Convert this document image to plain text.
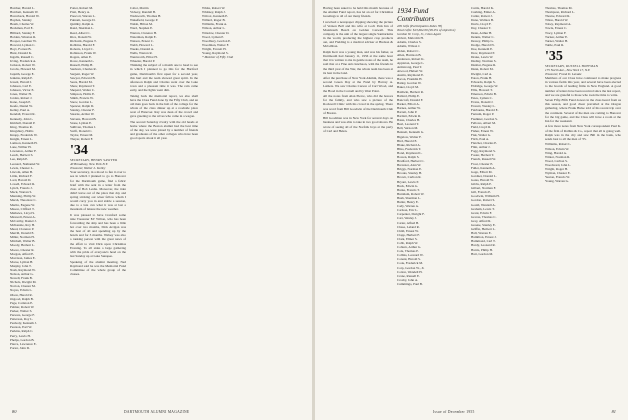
Hatcher, Harold L.
Hatchett, Kenneth W.
Haverbeck, Harold W.
Hayden, Stanley
Heath, Charles W.
Heckman, Earl E.
Hilliard, Stanley F.
Holden, Winston R.
Hooper, Gardner W.
Howard, Lyman C.
Hoyt, Forrest B.
Hunt, Donald K.
Ingalls, Russell C.
Irving, Frederick A.
Jackson, Robert W.
Jacobs, Howard M.
Jaquith, George E.
Jenkins, Ralph P.
Jewett, Harold J.
Johnson, Carl E.
Johnson, Victor E.
Jones, Walter H.
Jordan, Robert J.
Kane, Joseph P.
Keefe, Daniel W.
Kelley, Paul A.
Kendall, Everett R.
Kennedy, John L.
Kimball, Donald P.
King, Thomas R.
Kingsbury, Hollis
Knapp, Frederick W.
Knight, Ernest L.
Lamson, Kenneth H.
Lane, Wilbur H.
Lawrence, Arthur F.
Leach, Herbert S.
Lee, Ralph E.
Leonard, Nathaniel W.
Lewis, Chester L.
Lincoln, Allen B.
Little, Richard F.
Lord, Harold D.
Lowell, Edward R.
Lynch, Francis J.
Mack, Warren S.
Manning, Philip W.
Marsh, Theodore C.
Martin, Eugene W.
Mason, Clifford T.
Mathews, Lloyd S.
Maxwell, Ernest A.
McCarthy, Daniel J.
McKenzie, Roy H.
Mead, Clarence P.
Merrill, Donald E.
Miller, Norman H.
Mitchell, Walter B.
Moody, Herbert L.
Moore, Chester R.
Morgan, Alfred E.
Morrison, James E.
Morse, Lyman H.
Murphy, John T.
Nash, Raymond W.
Nelson, Arthur G.
Newell, Frank B.
Nichols, Dwight M.
Norton, Chester M.
Noyes, Edwin L.
Olson, Harold R.
Osgood, Ralph B.
Page, Carleton E.
Palmer, Robert W.
Parker, Walter S.
Parsons, George F.
Patterson, Roy L.
Peabody, Kenneth J.
Pearson, Earl W.
Perkins, Ralph C.
Perry, Lewis H.
Phelps, Gordon B.
Pierce, Lawrence E.
Porter, John D.
Potter, Robert M.
Pratt, Henry A.
Prescott, Warren L.
Putnam, George D.
Quimby, Ralph A.
Rand, Sherman L.
Reed, Albert C.
Rice, Donald W.
Richards, Eugene T.
Robbins, Harold F.
Roberts, Lloyd C.
Robinson, Frank W.
Rogers, Allen E.
Rowe, Kenneth L.
Russell, Philip H.
Sanborn, Charles R.
Sargent, Roger W.
Sawyer, Edward B.
Sears, Harold M.
Shaw, Raymond T.
Shepard, Walter C.
Simpson, Hollis E.
Smith, Francis W.
Snow, Gordon L.
Spencer, Ralph D.
Stanley, Chester F.
Stearns, Arthur W.
Stevens, Howard B.
Stone, Lyman E.
Sullivan, Thomas J.
Swift, Donald C.
Taylor, Ernest M.
Thayer, Robert F.
'34
SECRETARY, HENRY SAWYER
40 Broadway, New York N.Y.
Treasurer, Walter L. Kelley

Your secretary, in a mood to fun it over to see in which I planned to go to Hanover for the Dartmouth game, find a fabric brief with the sent in a letter from the class of Bob Leslie. Moreover, the train didn't leave out of the place that day and spring sticking our wiser fellow whom I would carry you in and stable a session, due to a late ovn what it was at last a mountain of leisure the new weather.

It was pleased to have Cranford some nine Treasurer Ed' Wilton, who has been forwarding the ship and has been a little hot over two months, Dick Arrigan was the best of all and spending up by the hotels and for 3 months. Walsey was also a ranking person with the great news of the affair to visit Dick upon Christmas Evening. To all sides a large gathering with the pride of everyone's head on the last Sunday up at Lake Sunapee.

Speaking of the alumni meeting, Ned Raymond said he was the Memorial Fund Committee of the whole group of the classes.

Cabot, Martin
Vickery, Randall B.
Wadsworth, Thomas H.
Wakefield, George P.
Walsh, Hilton M.
Ward, Stephen E.
Warren, Clarence H.
Waterman, Ralph E.
Watson, Ernest C.
Webb, Howard L.
Weeks, Donald A.
Wells, Warren R.
Wentworth, Elliot H.
Wheeler, Harold P.

Thinking the subject of a month one to head to see in which I planned to go this for the Hartford game, Dartmouth's first upset for a second year, this hurt and the team showed great spirit. In the afternoon Ralph and Charles went over the Lake town and a pleasant time it was. The rain came early, and the lights went dim.

Taking back the memorial report, we also shall have the Class Fund done by the Fifty Club, and an old man goes back in the hub of the college for the whole of the class dinner up at a roadside place west of Hanover. Ray was dean of the crowd and gave greeting to the wives who came in a wagon.

The second Saturday rivalry with the old heads at home where the Boston alumni had the best time of the day, we were joined by a number of friends and graduates of the other colleges who have been good sports about it all year.

White, Robert W.
Whitney, Ralph J.
Wilcox, Kenneth E.
Willard, Roger B.
Williams, Frank A.
Wilson, Arthur L.
Winslow, Chester D.
Wood, Lyman P.
Woodbury, Gordon E.
Woodman, Walter F.
Wright, Everett H.
Young, Raymond S.
* Member of Fifty Club
80	DARTMOUTH ALUMNI MAGAZINE

Having been asked to be held this month because of the Alumni Fund report, has let an ad for Christmas Greetings to all of our many friends.

I received a newspaper clipping showing the picture of Vernon Bell and his wife at Loch Park Inn of Monmouth Beach on Golden Caswell. This company is the unit of the largest single Sanitariums in the world, producing the highest crop products out, and Fielding is a medical adviser at Hudson & McGibbon.

Ralph Kerr was a young man, and was his father, as Dartmouth had January 11, 1956 at the same hour that it is written to me in gentle notes of the team, he said that at a Fine Arts luncheon, with the friends in the third year of the War, the whole team has been at its best in the land.

After the purchase of New York Alumni, there was a second Green Day at the Fund by Harvey A. Luthers. We saw Charles Carson of Carl Wood, and the Hood in the Cornell and by West Point.

All the notes from Alan Pierce, who did the honors for the family, and who saw a picture of the Rockwell Clinic with his crowd in the spring. There was word from Bill Goodwin of the Dartmouth Club of Boston.

Bill Goodman was in New York for several days on business and was able to take in two good shows. He wrote of seeing all of the Norfolk boys at the party of Carl and Helen.

1934 Fund Contributors
209 Gifts (Participation Index 78)
Total Gifts: $13,662.00 (99.9% of objective)
Gordon W. Corp, Jr., Class Agent
Abbott, Malcolm H.
Adams, Charles S.
Adams, Wilson J.
Alden, Robert C.
Allen, Harrison B.
Anderson, Robert K.
Appleton, George L.
Armstrong, Paul T.
Atwood, Hubert W.
Austin, Raymond E.
Bacon, Franklin H.
Bailey, Gordon W.
Baker, Lloyd M.
Baldwin, Herbert R.
Ballard, Philip E.
Bancroft, Donald F.
Barker, Elliott A.
Barnes, Arthur W.
Barrett, John P.
Bartlett, Edwin R.
Bates, Charles H.
Beal, Leonard T.
Bell, Vernon M.
Bennett, Kenneth G.
Bigelow, Walter F.
Bird, Harold E.
Blake, Richard A.
Bliss, Frederick T.
Bond, Raymond L.
Bowen, Ralph S.
Bradford, Herbert C.
Brewster, Alan W.
Briggs, Norman E.
Brooks, Stanley H.
Brown, Carlton R.
Bryant, Lewis P.
Buck, Edwin G.
Burke, Francis T.
Burnham, Robert W.
Bush, Sherman L.
Butler, Henry E.
Cady, Warren A.
Carlson, Eric L.
Carpenter, Dwight F.
Carr, Wesley J.
Carter, Alfred B.
Chase, Leland R.
Child, Ernest W.
Clapp, Herbert F.
Clark, Elmer S.
Cobb, Ralph W.
Coburn, Arthur G.
Cole, Thomas P.
Collins, Leonard W.
Conant, Harold S.
Cook, Frederick M.
Corp, Gordon W., Jr.
Cotton, Wendell H.
Crane, Russell E.
Crosby, John A.
Cummings, Paul B.
Curtis, Harold K.
Cushing, Elmer A.
Cutler, Robert J.
Dana, Wallace B.
Davis, Lloyd F.
Day, Chester T.
Dean, Arthur H.
Dennis, Walter C.
Dewey, Philip G.
Dodge, Harold N.
Doe, Kenneth E.
Dow, Raymond P.
Drake, Lewis W.
Dudley, Norman S.
Dunbar, Eugene R.
Dunn, Robert M.
Dwight, Carl A.
Eaton, Frank H.
Edwards, Ralph S.
Eldridge, George W.
Ellis, Howard T.
Emerson, Edwin B.
Estes, Lyman C.
Evans, Donald J.
Everett, Wesley L.
Fairbanks, Harold E.
Farnum, Roger P.
Faulkner, Gordon S.
Fellows, Albert M.
Field, Lloyd R.
Fisher, Ernest W.
Fisk, Walter G.
Fitch, Paul A.
Fletcher, Charles E.
Flint, Arthur J.
Fogg, Raymond S.
Foster, Herbert T.
French, Russell W.
Frost, Chester E.
Fuller, Kenneth A.
Gage, Elliott M.
Gardner, Donald L.
Gates, Harold W.
Gibbs, Ralph P.
Gilbert, Norman F.
Gill, Francis E.
Goodwin, William H.
Gordon, Robert S.
Gould, Wendell A.
Graham, Lewis T.
Grant, Edwin F.
Graves, Thomas C.
Gray, Alfred R.
Greene, Stanley E.
Griffin, Herbert L.
Hall, Warren E.
Hamilton, Ernest J.
Hammond, Carl T.
Hardy, Leonard R.
Harris, Philip H.
Hart, Gordon M.
Thomas, Thomas M.
Thompson, Richard L.
Thorne, Edward R.
Tilton, Harold W.
Tobey, Raymond A.
Towle, Ernest C.
Tracy, Lyman F.
Tucker, Arthur E.
Turner, Walter H.
Tuttle, Paul R.
'35
SECRETARY, RUSSELL HOFFMAN
175 North Ave., New York 17, N.Y.
Treasurer, Frank D. Lavake

Members of our Class have continued to make progress in various fields this year, and several have been elected to the boards of leading firms in New England. A good number of letters have been received since the last report, and we are grateful to those who took the time to write.

Seven Fifty-Fifth Fund donors in the class heard from us this season, and good cheer prevailed at the Oregon gathering, where Frank Hulse told of his recent trip over the continent. Several of the men are coming to Hanover for the big game, and the Class will have a room at the Inn for the weekend.

A few more notes from New York correspondent Paul K. of the firm of Rollins & Co., report that all is going well. Ralph was in the city and saw Bill in the bank, who sends best to all the men of '35.

Williams, Robert L.
Wilson, Edwin W.
Wing, Harold A.
Winter, Norman R.
Wood, Carlton S.
Woodward, John L.
Wright, Roger H.
Wyman, Chester E.
Yeaton, Francis W.
Young, Warren G.
Issue of December 1955	81
